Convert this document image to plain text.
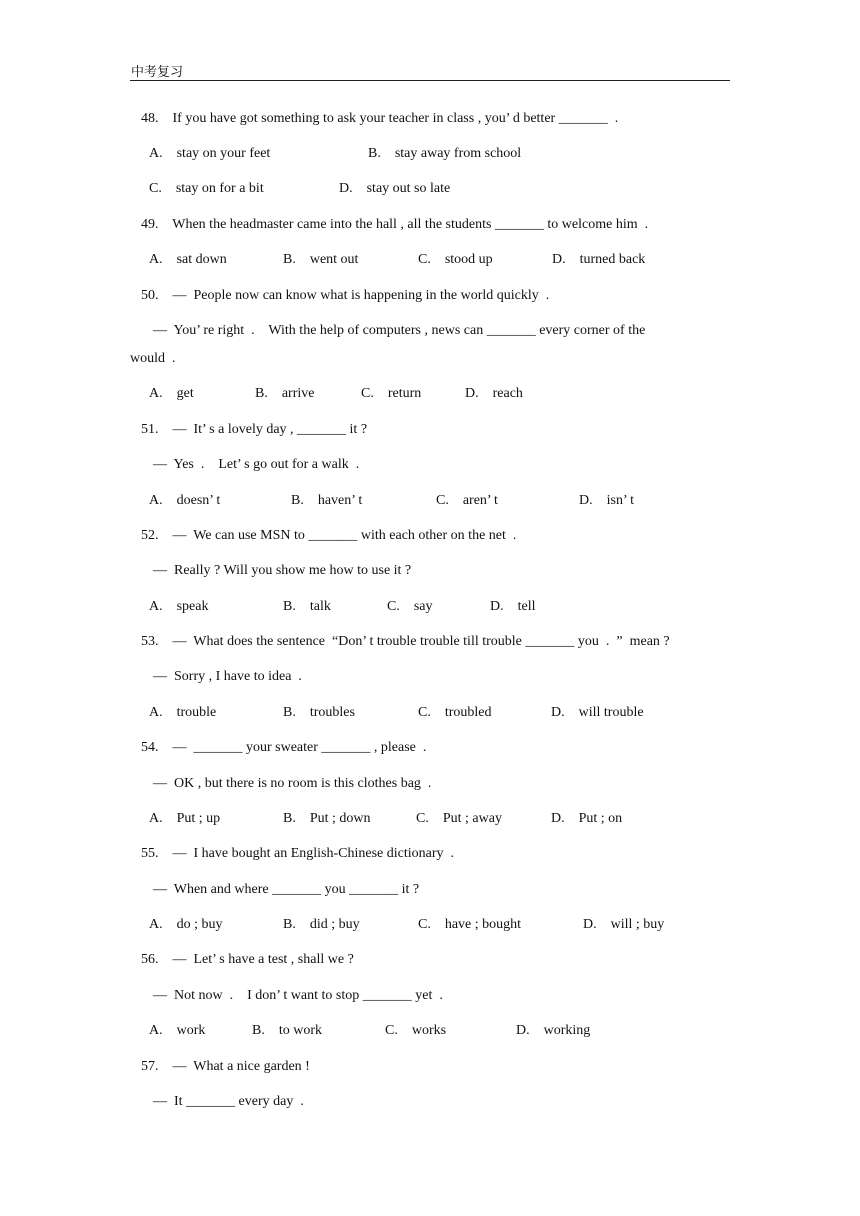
中考复习
48.    If you have got something to ask your teacher in class , you’ d better _______  .
49.    When the headmaster came into the hall , all the students _______ to welcome him  .
50.    —  People now can know what is happening in the world quickly  .
—  You’ re right  .    With the help of computers , news can _______ every corner of the
would  .
51.    —  It’ s a lovely day , _______ it ?
—  Yes  .    Let’ s go out for a walk  .
52.    —  We can use MSN to _______ with each other on the net  .
—  Really ? Will you show me how to use it ?
53.    —  What does the sentence  “Don’ t trouble trouble till trouble _______ you  .  ”  mean ?
—  Sorry , I have to idea  .
54.    —  _______ your sweater _______ , please  .
—  OK , but there is no room is this clothes bag  .
55.    —  I have bought an English-Chinese dictionary  .
—  When and where _______ you _______ it ?
56.    —  Let’ s have a test , shall we ?
—  Not now  .    I don’ t want to stop _______ yet  .
57.    —  What a nice garden !
—  It _______ every day  .
A.    stay on your feet	B.    stay away from school
C.    stay on for a bit	D.    stay out so late
A.    sat down	B.    went out	C.    stood up	D.    turned back
A.    get	B.    arrive	C.    return	D.    reach
A.    doesn’ t	B.    haven’ t	C.    aren’ t	D.    isn’ t
A.    speak	B.    talk	C.    say	D.    tell
A.    trouble	B.    troubles	C.    troubled	D.    will trouble
A.    Put ; up	B.    Put ; down	C.    Put ; away	D.    Put ; on
A.    do ; buy	B.    did ; buy	C.    have ; bought	D.    will ; buy
A.    work	B.    to work	C.    works	D.    working
